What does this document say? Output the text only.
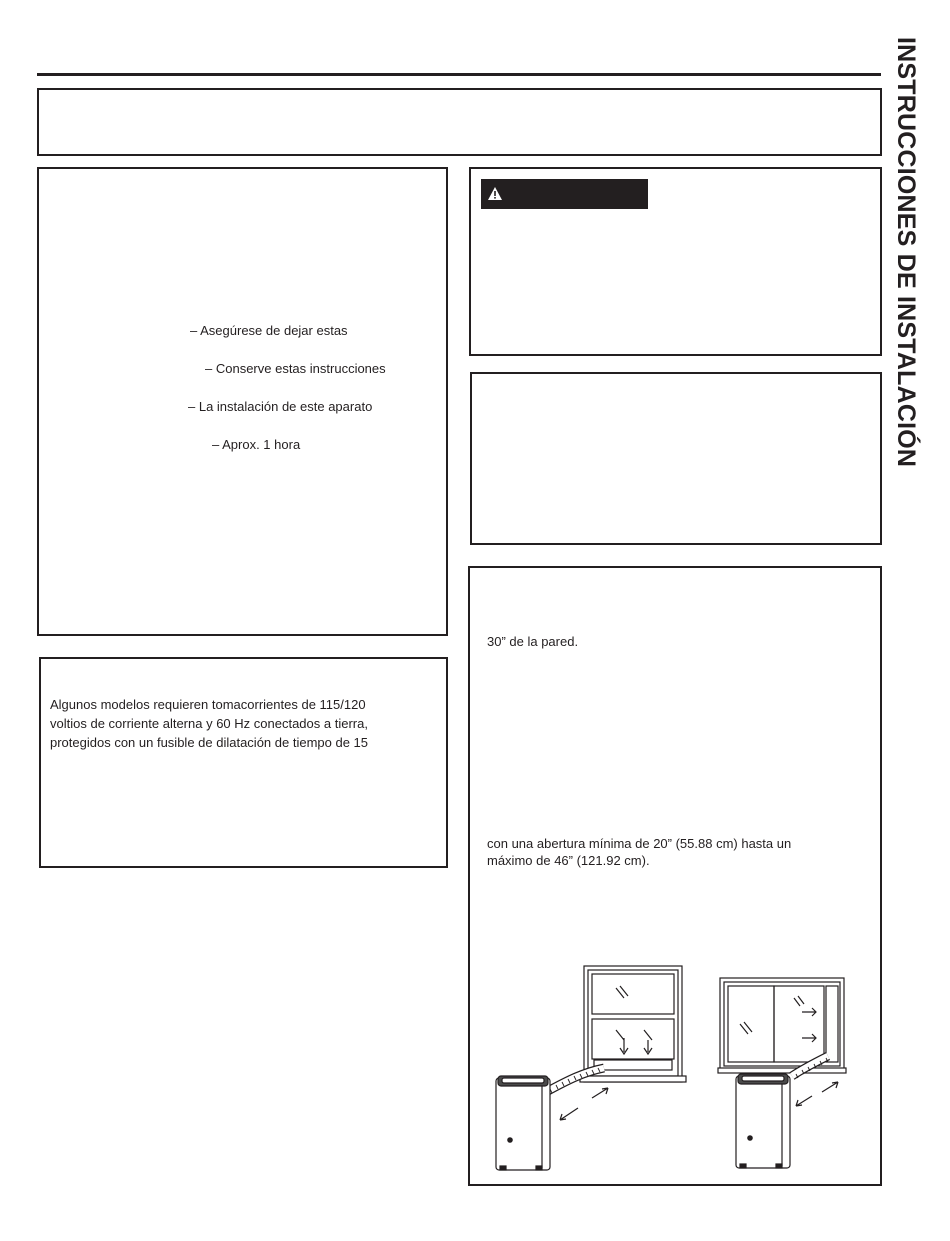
INSTRUCCIONES DE INSTALACIÓN
– Asegúrese de dejar estas
– Conserve estas instrucciones
– La instalación de este aparato
– Aprox. 1 hora
Algunos modelos requieren tomacorrientes de 115/120
voltios de corriente alterna y 60 Hz conectados a tierra,
protegidos con un fusible de dilatación de tiempo de 15
30” de la pared.
con una abertura mínima de 20” (55.88 cm) hasta un
máximo de 46” (121.92 cm).
